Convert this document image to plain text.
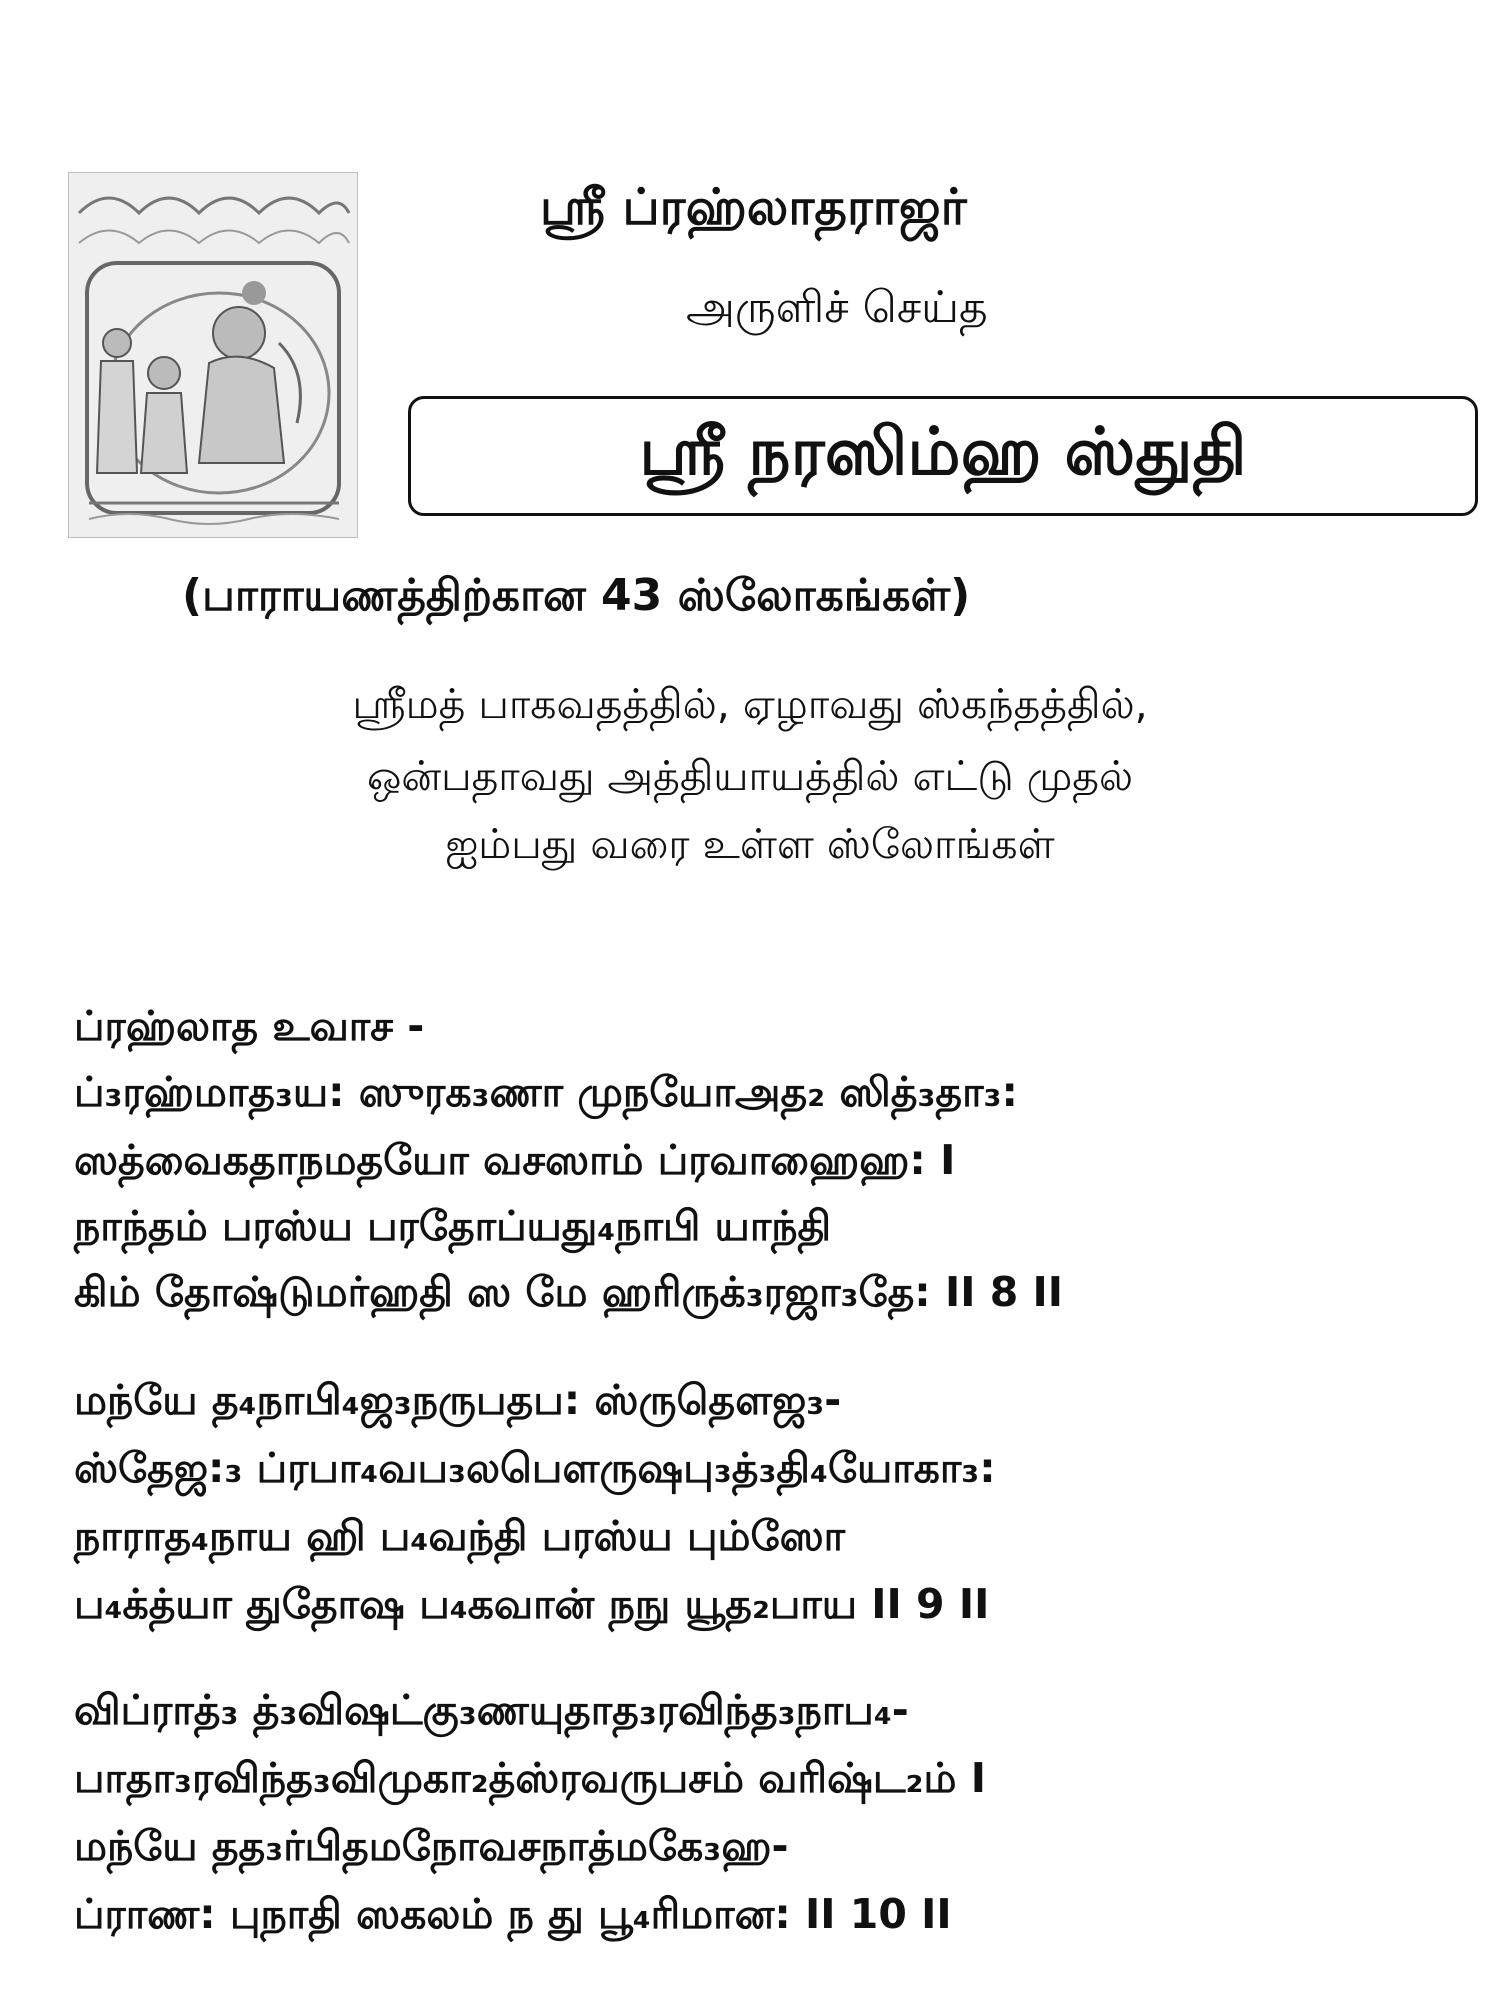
ஸ்ரீ ப்ரஹ்லாதராஜர்
அருளிச் செய்த
ஸ்ரீ நரஸிம்ஹ ஸ்துதி
(பாராயணத்திற்கான 43 ஸ்லோகங்கள்)
ஸ்ரீமத் பாகவதத்தில், ஏழாவது ஸ்கந்தத்தில்,
ஒன்பதாவது அத்தியாயத்தில் எட்டு முதல்
ஐம்பது வரை உள்ள ஸ்லோங்கள்
ப்ரஹ்லாத உவாச -
ப்₃ரஹ்மாத₃ய: ஸுரக₃ணா முநயோஅத₂ ஸித்₃தா₃:
ஸத்வைகதாநமதயோ வசஸாம் ப்ரவாஹைஹ: I
நாந்தம் பரஸ்ய பரதோப்யது₄நாபி யாந்தி
கிம் தோஷ்டுமர்ஹதி ஸ மே ஹரிருக்₃ரஜா₃தே: II 8 II
மந்யே த₄நாபி₄ஜ₃நருபதப: ஸ்ருதௌஜ₃-
ஸ்தேஜ:₃ ப்ரபா₄வப₃லபௌருஷபு₃த்₃தி₄யோகா₃:
நாராத₄நாய ஹி ப₄வந்தி பரஸ்ய பும்ஸோ
ப₄க்த்யா துதோஷ ப₄கவான் நநு யூத₂பாய II 9 II
விப்ராத்₃ த்₃விஷட்கு₃ணயுதாத₃ரவிந்த₃நாப₄-
பாதா₃ரவிந்த₃விமுகா₂த்ஸ்ரவருபசம் வரிஷ்ட₂ம் I
மந்யே தத₃ர்பிதமநோவசநாத்மகே₃ஹ-
ப்ராண: புநாதி ஸகலம் ந து பூ₄ரிமான: II 10 II
